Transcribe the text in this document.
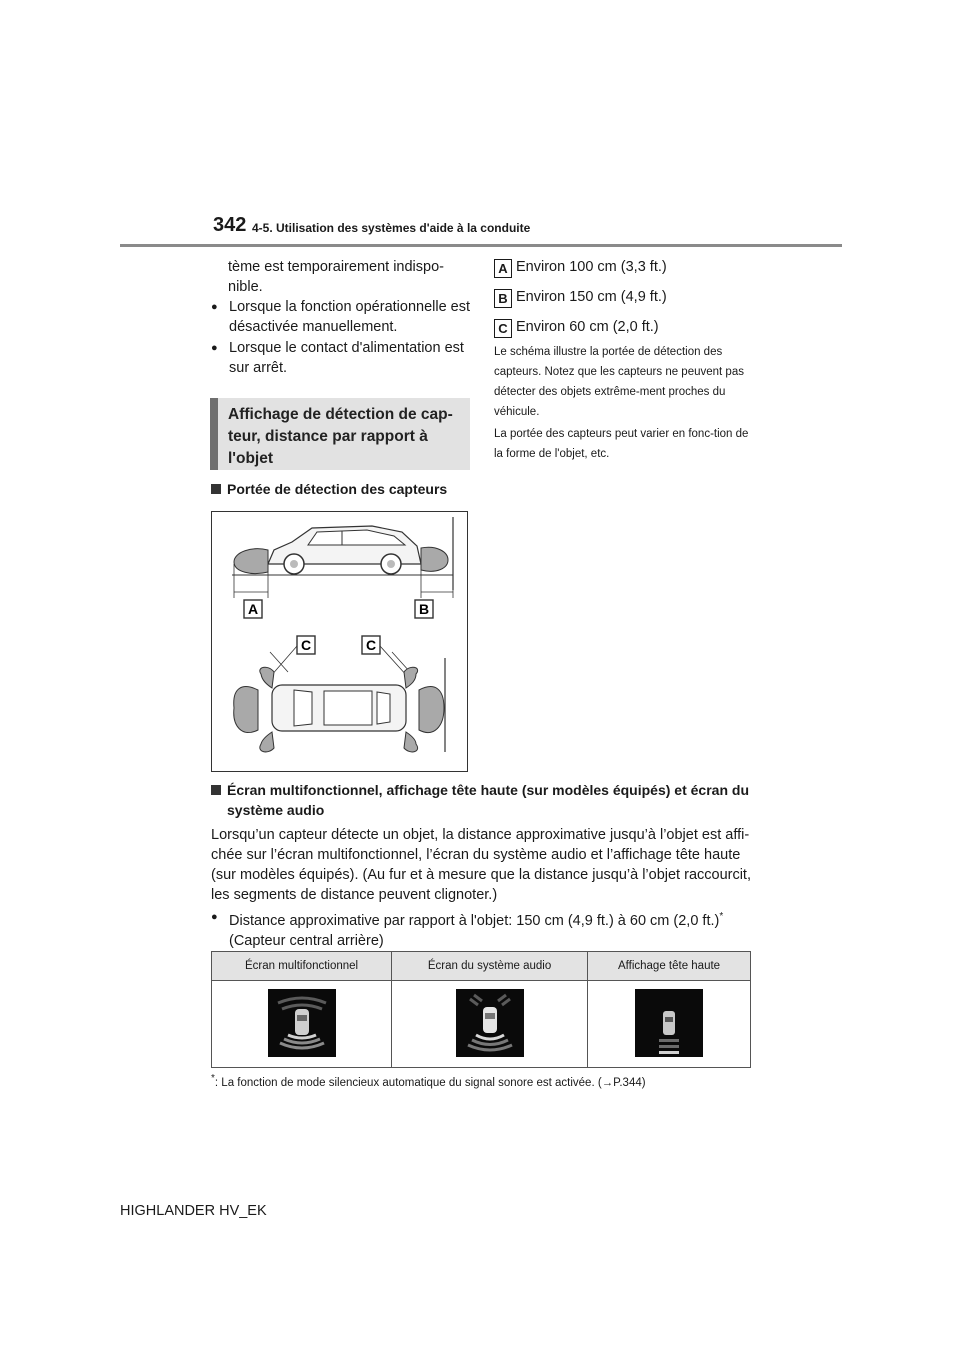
342 4-5. Utilisation des systèmes d'aide à la conduite
tème est temporairement indispo-nible.
● Lorsque la fonction opérationnelle est désactivée manuellement.
● Lorsque le contact d'alimentation est sur arrêt.
Affichage de détection de cap-teur, distance par rapport à l'objet
Portée de détection des capteurs
A	B
C	C
A Environ 100 cm (3,3 ft.)
B Environ 150 cm (4,9 ft.)
C Environ 60 cm (2,0 ft.)
Le schéma illustre la portée de détection des capteurs. Notez que les capteurs ne peuvent pas détecter des objets extrême-ment proches du véhicule.
La portée des capteurs peut varier en fonc-tion de la forme de l'objet, etc.
Écran multifonctionnel, affichage tête haute (sur modèles équipés) et écran du système audio
Lorsqu’un capteur détecte un objet, la distance approximative jusqu’à l’objet est affi-chée sur l’écran multifonctionnel, l’écran du système audio et l’affichage tête haute (sur modèles équipés). (Au fur et à mesure que la distance jusqu’à l’objet raccourcit, les segments de distance peuvent clignoter.)
● Distance approximative par rapport à l'objet: 150 cm (4,9 ft.) à 60 cm (2,0 ft.)*
(Capteur central arrière)
Écran multifonctionnel	Écran du système audio	Affichage tête haute

*: La fonction de mode silencieux automatique du signal sonore est activée. (→P.344)
HIGHLANDER HV_EK
